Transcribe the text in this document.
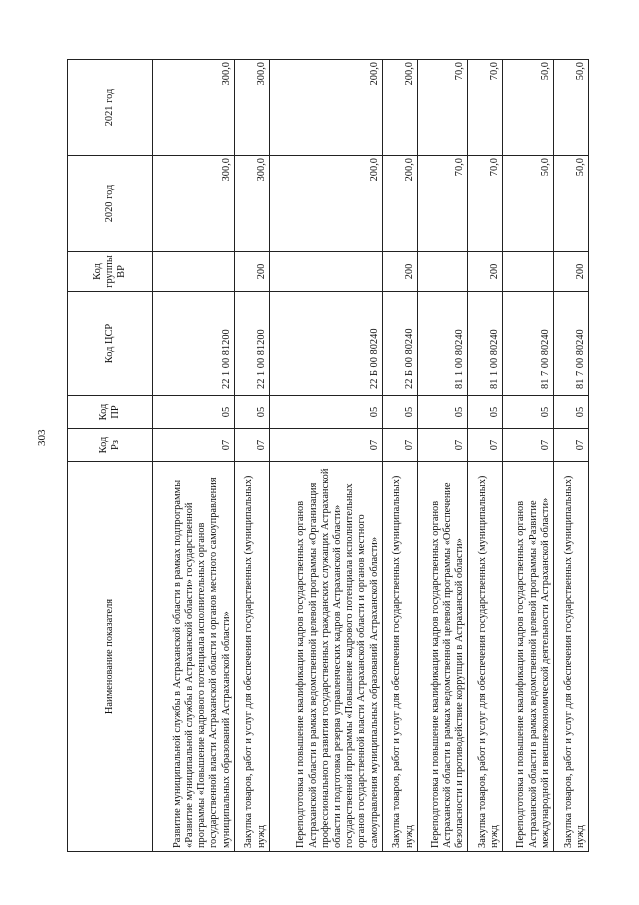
303
Наименование показателя	Код Рз	Код ПР	Код ЦСР	Код группы ВР	2020 год	2021 год
Развитие муниципальной службы в Астраханской области в рамках подпрограммы «Развитие муниципальной службы в Астраханской области» государственной программы «Повышение кадрового потенциала исполнительных органов государственной власти Астраханской области и органов местного самоуправления муниципальных образований Астраханской области»	07	05	22 1 00 81200		300,0	300,0
Закупка товаров, работ и услуг для обеспечения государственных (муниципальных) нужд	07	05	22 1 00 81200	200	300,0	300,0
Переподготовка и повышение квалификации кадров государственных органов Астраханской области в рамках ведомственной целевой программы «Организация профессионального развития государственных гражданских служащих Астраханской области и подготовка резерва управленческих кадров Астраханской области» государственной программы «Повышение кадрового потенциала исполнительных органов государственной власти Астраханской области и органов местного самоуправления муниципальных образований Астраханской области»	07	05	22 Б 00 80240		200,0	200,0
Закупка товаров, работ и услуг для обеспечения государственных (муниципальных) нужд	07	05	22 Б 00 80240	200	200,0	200,0
Переподготовка и повышение квалификации кадров государственных органов Астраханской области в рамках ведомственной целевой программы «Обеспечение безопасности и противодействие коррупции в Астраханской области»	07	05	81 1 00 80240		70,0	70,0
Закупка товаров, работ и услуг для обеспечения государственных (муниципальных) нужд	07	05	81 1 00 80240	200	70,0	70,0
Переподготовка и повышение квалификации кадров государственных органов Астраханской области в рамках ведомственной целевой программы «Развитие международной и внешнеэкономической деятельности Астраханской области»	07	05	81 7 00 80240		50,0	50,0
Закупка товаров, работ и услуг для обеспечения государственных (муниципальных) нужд	07	05	81 7 00 80240	200	50,0	50,0
